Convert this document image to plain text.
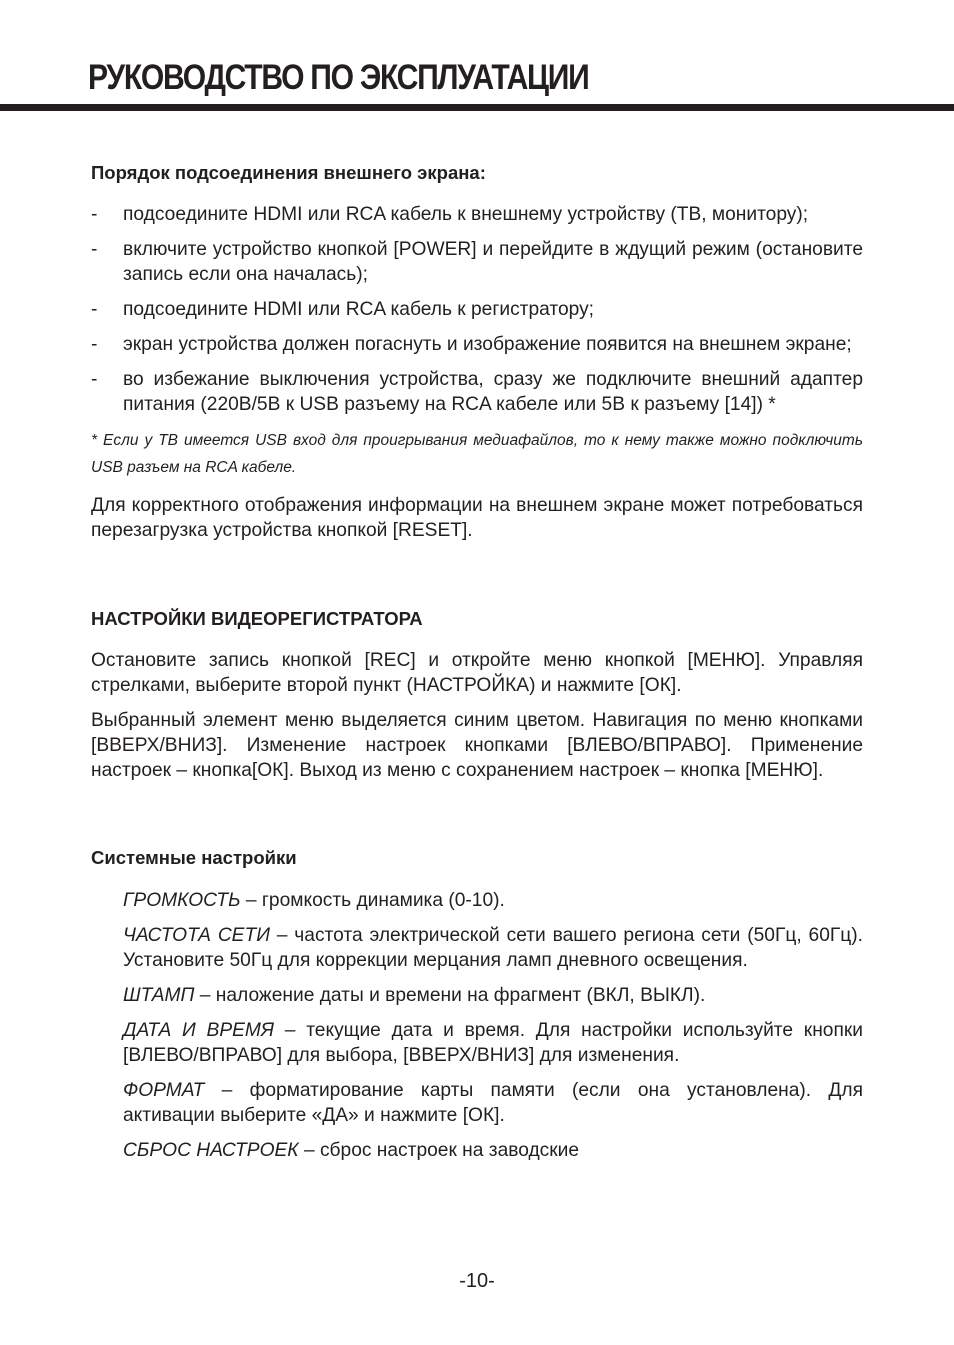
РУКОВОДСТВО ПО ЭКСПЛУАТАЦИИ

Порядок подсоединения внешнего экрана:

- подсоедините HDMI или RCA кабель к внешнему устройству (ТВ, монитору);
- включите устройство кнопкой [POWER] и перейдите в ждущий режим (остановите запись если она началась);
- подсоедините HDMI или RCA кабель к регистратору;
- экран устройства должен погаснуть и изображение появится на внешнем экране;
- во избежание выключения устройства, сразу же подключите внешний адаптер питания (220В/5В к USB разъему на RCA кабеле или 5В к разъему [14]) *

* Если у ТВ имеется USB вход для проигрывания медиафайлов, то к нему также можно подключить USB разъем на RCA кабеле.

Для корректного отображения информации на внешнем экране может потребоваться перезагрузка устройства кнопкой [RESET].

НАСТРОЙКИ ВИДЕОРЕГИСТРАТОРА

Остановите запись кнопкой [REC] и откройте меню кнопкой [МЕНЮ]. Управляя стрелками, выберите второй пункт (НАСТРОЙКА) и нажмите [ОК].

Выбранный элемент меню выделяется синим цветом. Навигация по меню кнопками [ВВЕРХ/ВНИЗ]. Изменение настроек кнопками [ВЛЕВО/ВПРАВО]. Применение настроек – кнопка[ОК]. Выход из меню с сохранением настроек – кнопка [МЕНЮ].

Системные настройки

ГРОМКОСТЬ – громкость динамика (0-10).

ЧАСТОТА СЕТИ – частота электрической сети вашего региона сети (50Гц, 60Гц). Установите 50Гц для коррекции мерцания ламп дневного освещения.

ШТАМП – наложение даты и времени на фрагмент (ВКЛ, ВЫКЛ).

ДАТА И ВРЕМЯ – текущие дата и время. Для настройки используйте кнопки [ВЛЕВО/ВПРАВО] для выбора, [ВВЕРХ/ВНИЗ] для изменения.

ФОРМАТ – форматирование карты памяти (если она установлена). Для активации выберите «ДА» и нажмите [ОК].

СБРОС НАСТРОЕК – сброс настроек на заводские

-10-
